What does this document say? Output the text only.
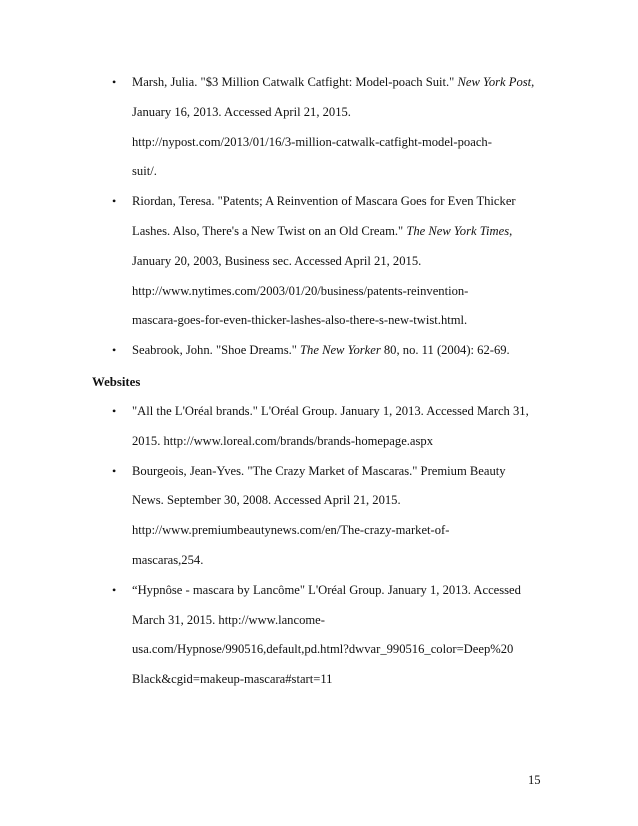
• Marsh, Julia. "$3 Million Catwalk Catfight: Model-poach Suit." New York Post,
January 16, 2013. Accessed April 21, 2015.
http://nypost.com/2013/01/16/3-million-catwalk-catfight-model-poach-
suit/.
• Riordan, Teresa. "Patents; A Reinvention of Mascara Goes for Even Thicker
Lashes. Also, There's a New Twist on an Old Cream." The New York Times,
January 20, 2003, Business sec. Accessed April 21, 2015.
http://www.nytimes.com/2003/01/20/business/patents-reinvention-
mascara-goes-for-even-thicker-lashes-also-there-s-new-twist.html.
• Seabrook, John. "Shoe Dreams." The New Yorker 80, no. 11 (2004): 62-69.
Websites
• "All the L'Oréal brands." L'Oréal Group. January 1, 2013. Accessed March 31,
2015. http://www.loreal.com/brands/brands-homepage.aspx
• Bourgeois, Jean-Yves. "The Crazy Market of Mascaras." Premium Beauty
News. September 30, 2008. Accessed April 21, 2015.
http://www.premiumbeautynews.com/en/The-crazy-market-of-
mascaras,254.
• “Hypnôse - mascara by Lancôme" L'Oréal Group. January 1, 2013. Accessed
March 31, 2015. http://www.lancome-
usa.com/Hypnose/990516,default,pd.html?dwvar_990516_color=Deep%20
Black&cgid=makeup-mascara#start=11
15
